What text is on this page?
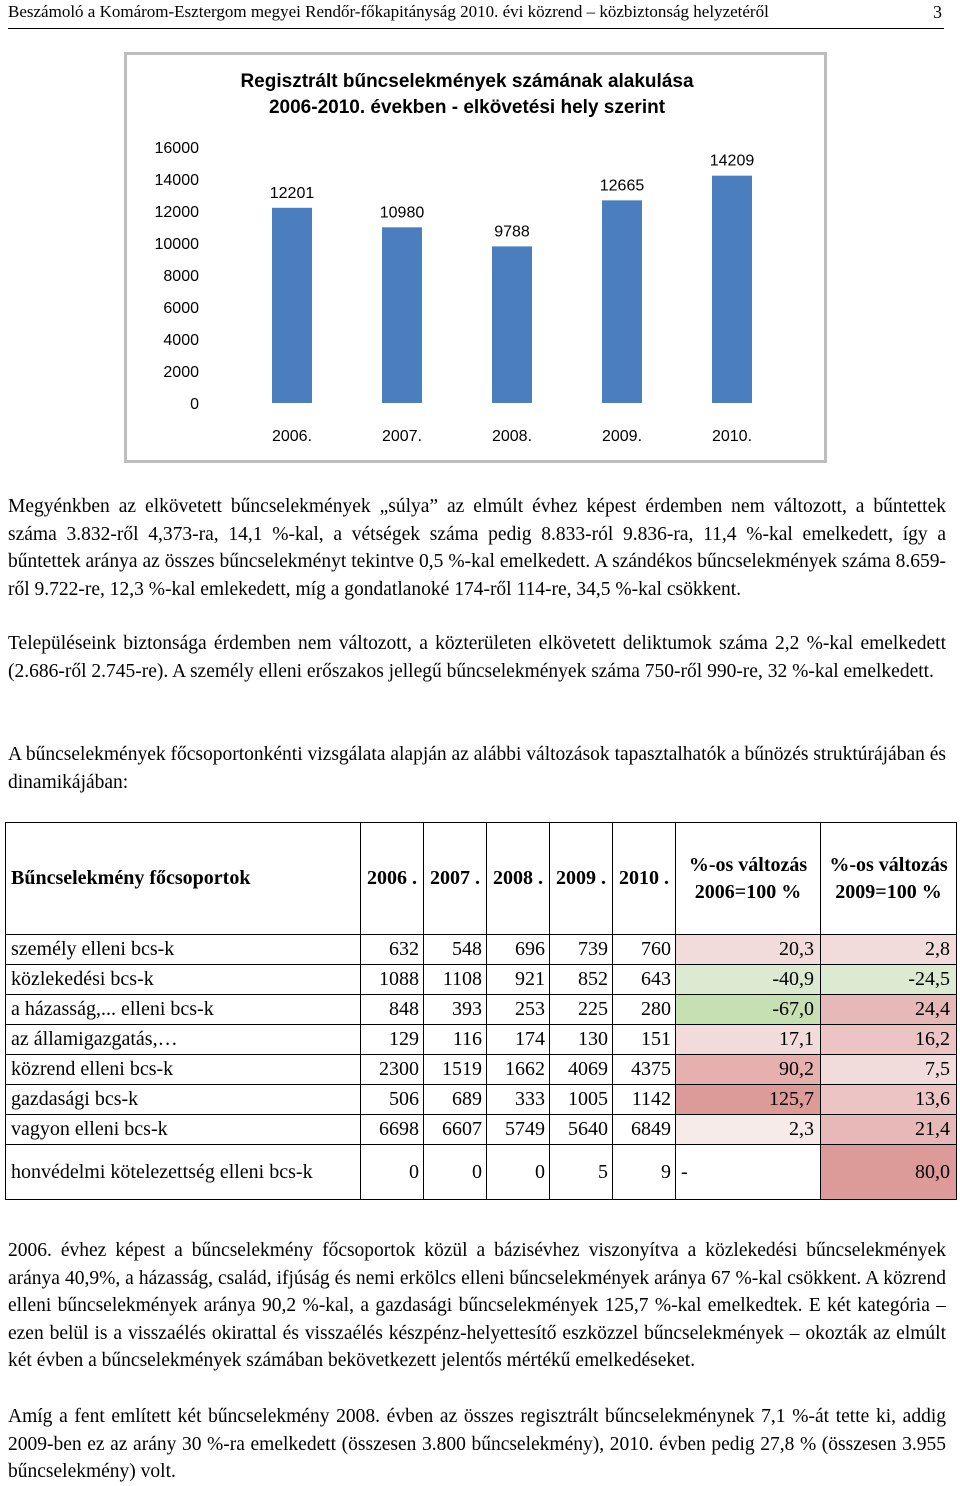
Beszámoló a Komárom-Esztergom megyei Rendőr-főkapitányság 2010. évi közrend – közbiztonság helyzetéről	3
Regisztrált bűncselekmények számának alakulása
2006-2010. években - elkövetési hely szerint
0
2000
4000
6000
8000
10000
12000
14000
16000
12201
2006.
10980
2007.
9788
2008.
12665
2009.
14209
2010.

Megyénkben az elkövetett bűncselekmények „súlya” az elmúlt évhez képest érdemben nem változott, a bűntettek száma 3.832-ről 4,373-ra, 14,1 %-kal, a vétségek száma pedig 8.833-ról 9.836-ra, 11,4 %-kal emelkedett, így a bűntettek aránya az összes bűncselekményt tekintve 0,5 %-kal emelkedett. A szándékos bűncselekmények száma 8.659-ről 9.722-re, 12,3 %-kal emlekedett, míg a gondatlanoké 174-ről 114-re, 34,5 %-kal csökkent.

Településeink biztonsága érdemben nem változott, a közterületen elkövetett deliktumok száma 2,2 %-kal emelkedett (2.686-ről 2.745-re). A személy elleni erőszakos jellegű bűncselekmények száma 750-ről 990-re, 32 %-kal emelkedett.

A bűncselekmények főcsoportonkénti vizsgálata alapján az alábbi változások tapasztalhatók a bűnözés struktúrájában és dinamikájában:

Bűncselekmény főcsoportok	2006 .	2007 .	2008 .	2009 .	2010 .	%-os változás 2006=100 %	%-os változás 2009=100 %
személy elleni bcs-k	632	548	696	739	760	20,3	2,8
közlekedési bcs-k	1088	1108	921	852	643	-40,9	-24,5
a házasság,... elleni bcs-k	848	393	253	225	280	-67,0	24,4
az államigazgatás,…	129	116	174	130	151	17,1	16,2
közrend elleni bcs-k	2300	1519	1662	4069	4375	90,2	7,5
gazdasági bcs-k	506	689	333	1005	1142	125,7	13,6
vagyon elleni bcs-k	6698	6607	5749	5640	6849	2,3	21,4
honvédelmi kötelezettség elleni bcs-k	0	0	0	5	9	-	80,0

2006. évhez képest a bűncselekmény főcsoportok közül a bázisévhez viszonyítva a közlekedési bűncselekmények aránya 40,9%, a házasság, család, ifjúság és nemi erkölcs elleni bűncselekmények aránya 67 %-kal csökkent. A közrend elleni bűncselekmények aránya 90,2 %-kal, a gazdasági bűncselekmények 125,7 %-kal emelkedtek. E két kategória – ezen belül is a visszaélés okirattal és visszaélés készpénz-helyettesítő eszközzel bűncselekmények – okozták az elmúlt két évben a bűncselekmények számában bekövetkezett jelentős mértékű emelkedéseket.

Amíg a fent említett két bűncselekmény 2008. évben az összes regisztrált bűncselekménynek 7,1 %-át tette ki, addig 2009-ben ez az arány 30 %-ra emelkedett (összesen 3.800 bűncselekmény), 2010. évben pedig 27,8 % (összesen 3.955 bűncselekmény) volt.
